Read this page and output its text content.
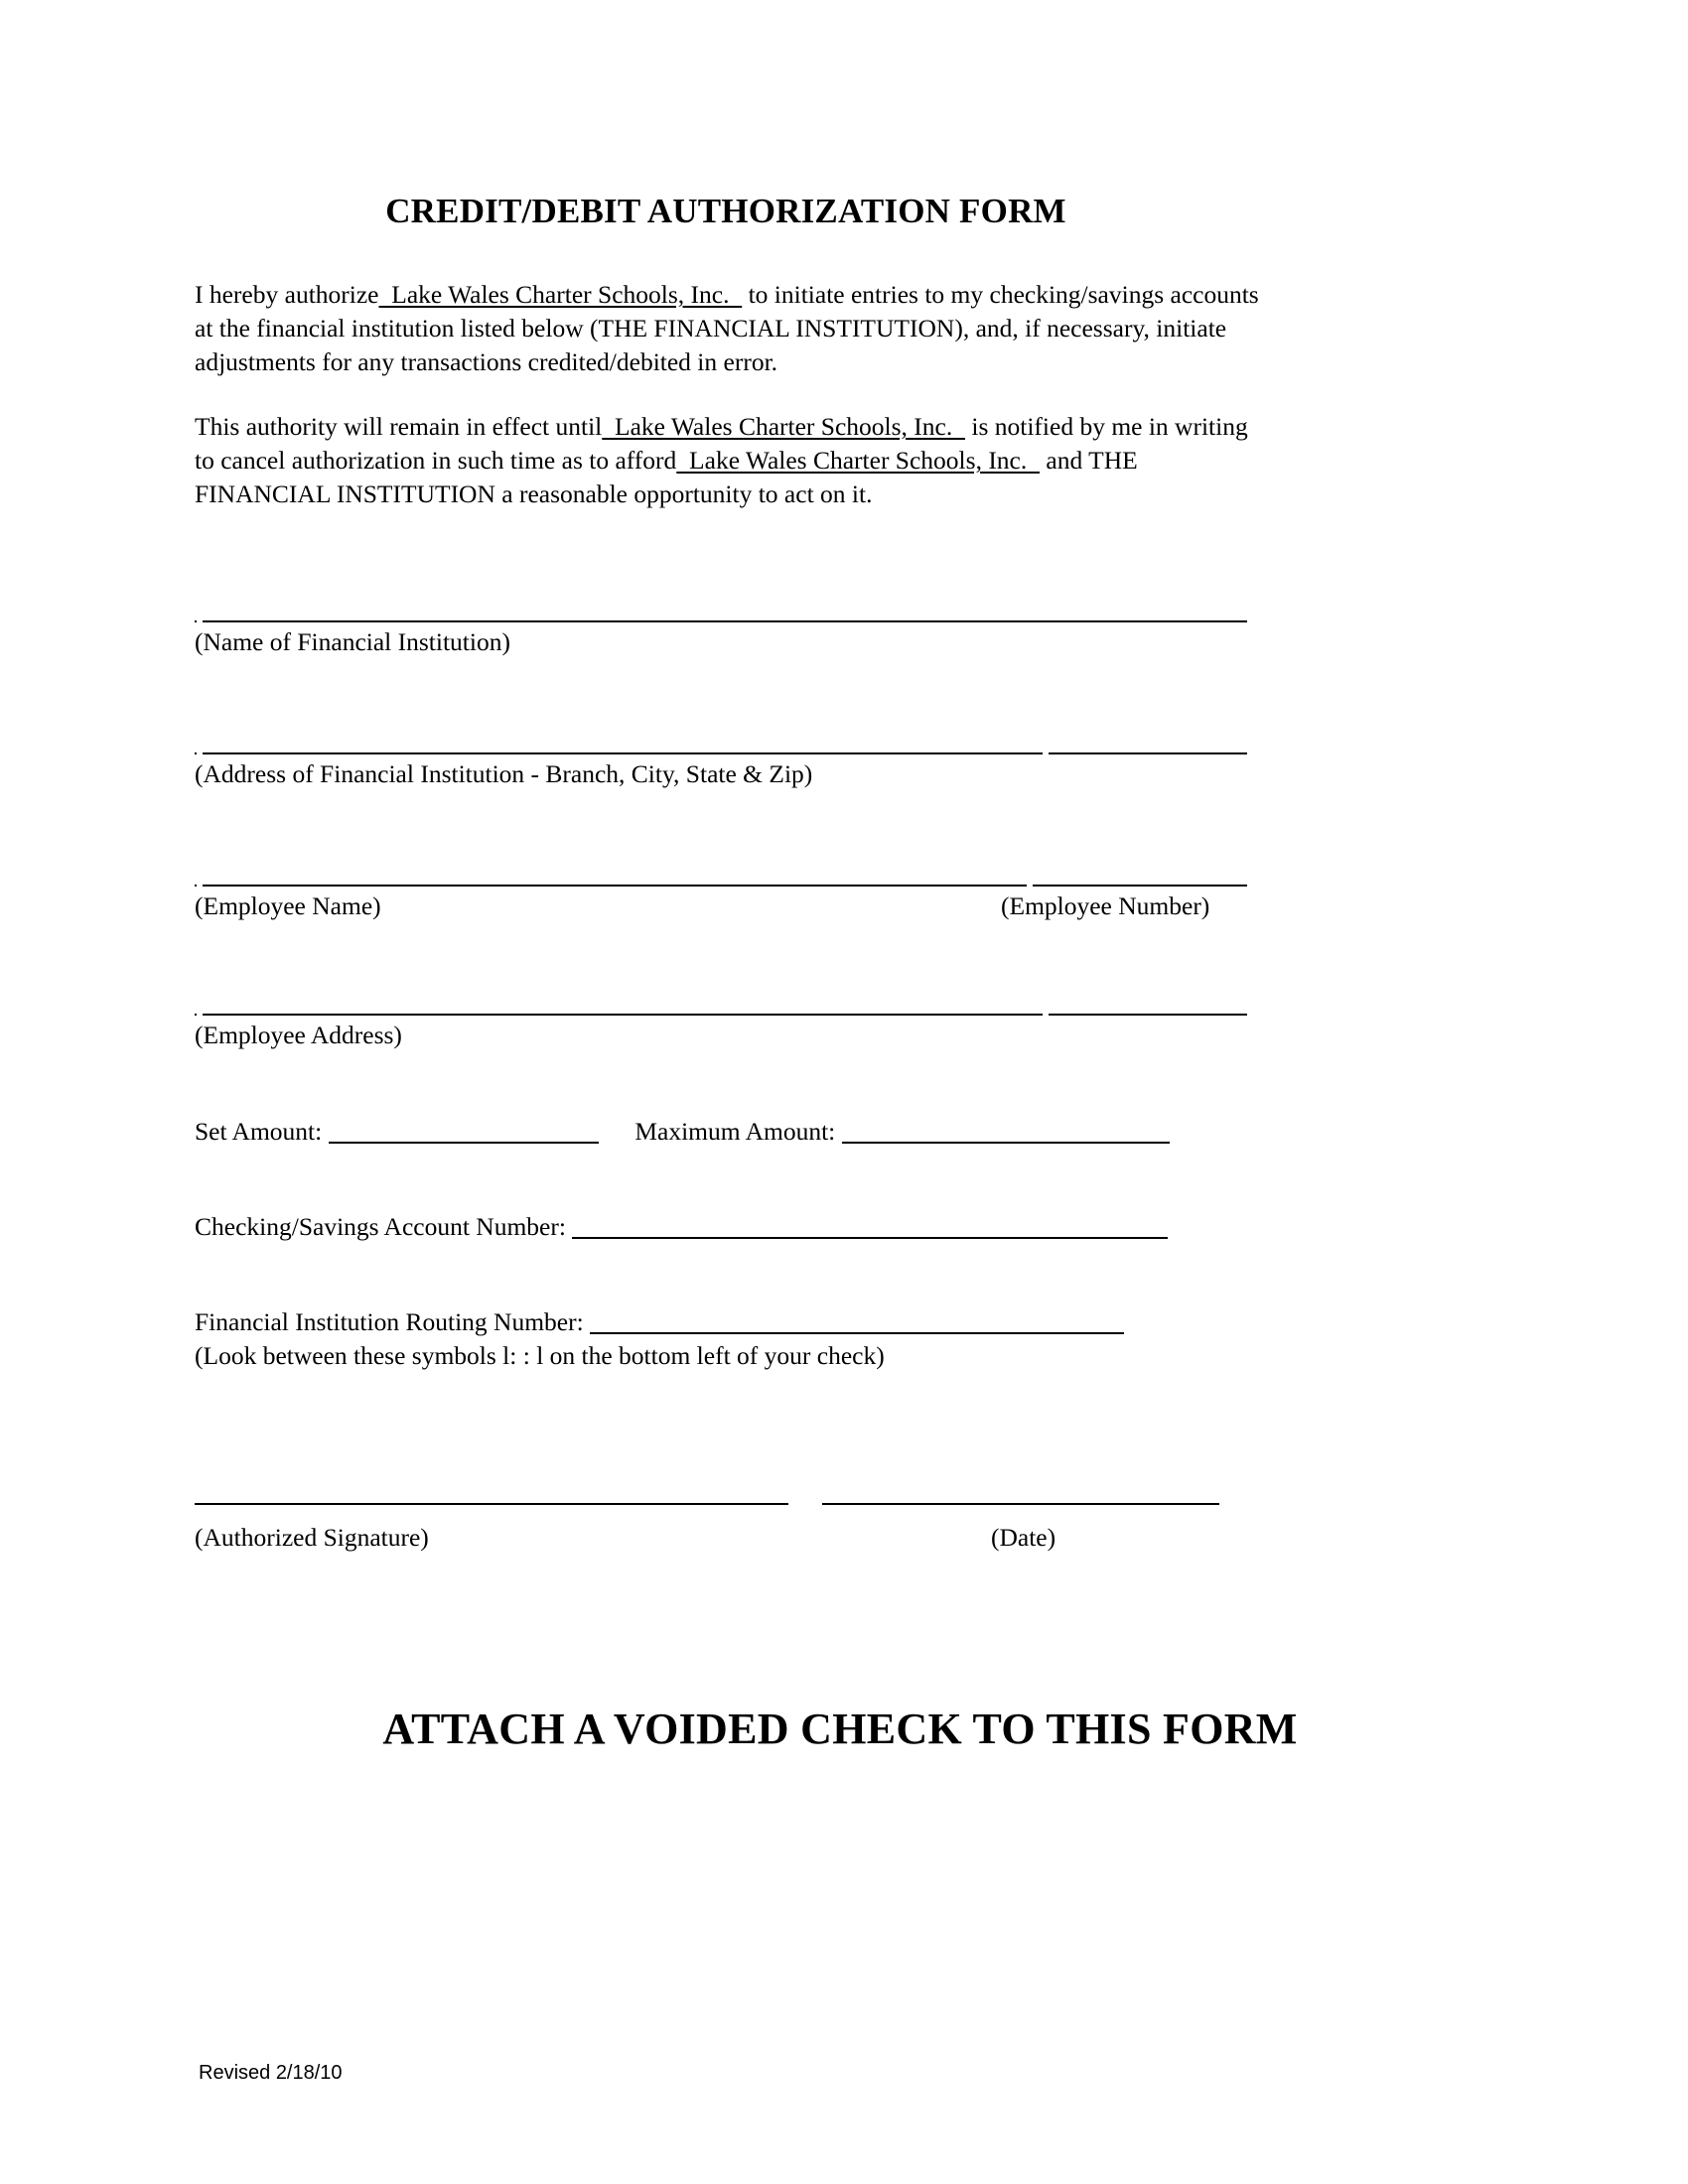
CREDIT/DEBIT AUTHORIZATION FORM

I hereby authorize  Lake Wales Charter Schools, Inc.   to initiate entries to my checking/savings accounts at the financial institution listed below (THE FINANCIAL INSTITUTION), and, if necessary, initiate adjustments for any transactions credited/debited in error.

This authority will remain in effect until  Lake Wales Charter Schools, Inc.   is notified by me in writing to cancel authorization in such time as to afford  Lake Wales Charter Schools, Inc.   and THE FINANCIAL INSTITUTION a reasonable opportunity to act on it.

(Name of Financial Institution)
(Address of Financial Institution - Branch, City, State & Zip)
(Employee Name)	(Employee Number)
(Employee Address)
Set Amount:	Maximum Amount:
Checking/Savings Account Number:
Financial Institution Routing Number:
(Look between these symbols l: : l on the bottom left of your check)
(Authorized Signature)	(Date)
ATTACH A VOIDED CHECK TO THIS FORM
Revised 2/18/10
